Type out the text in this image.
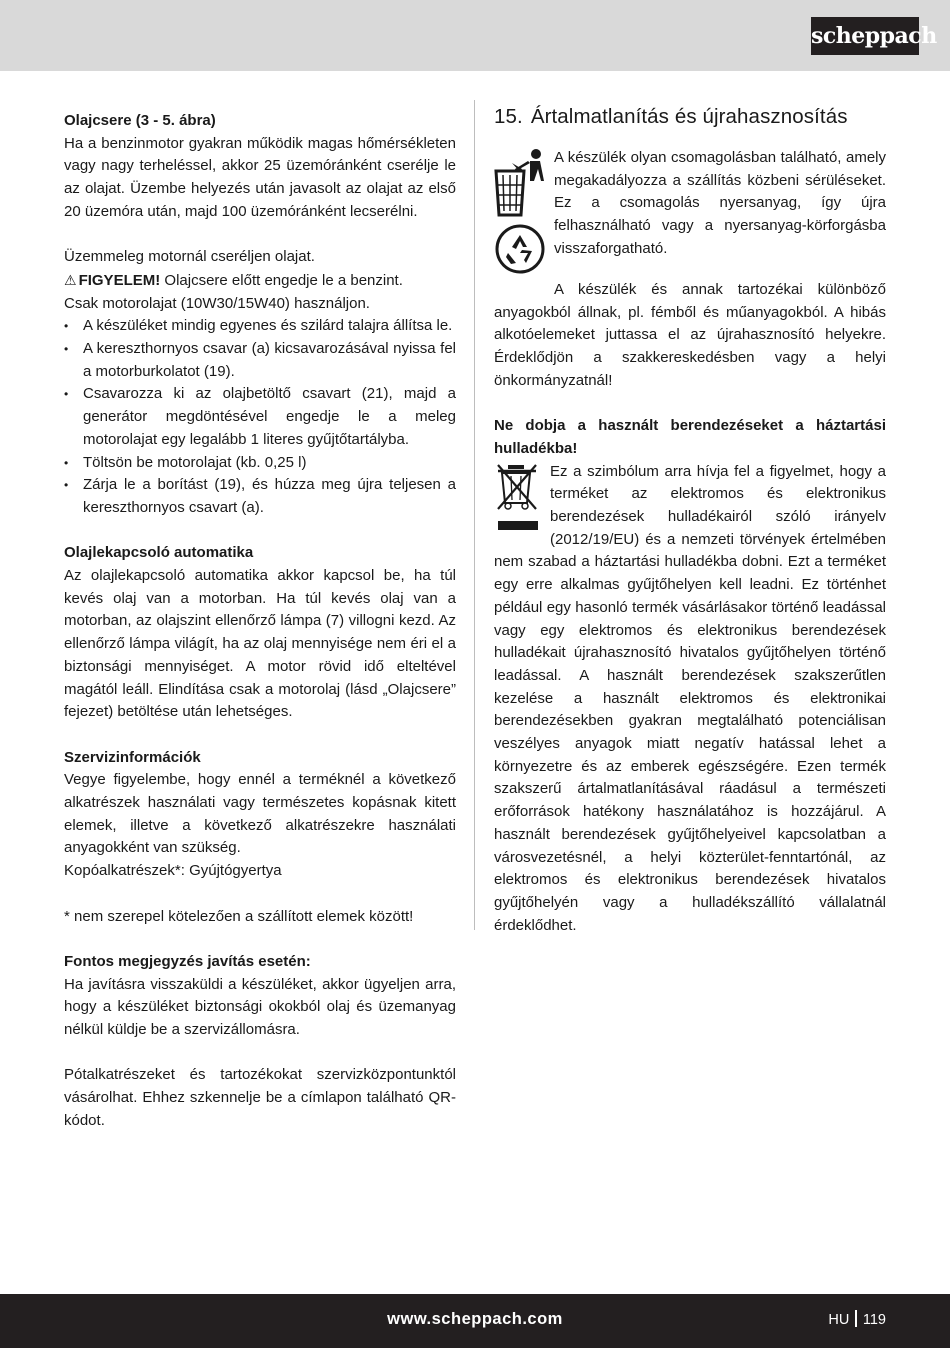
scheppach

Olajcsere (3 - 5. ábra)

Ha a benzinmotor gyakran működik magas hőmérsékleten vagy nagy terheléssel, akkor 25 üzemóránként cserélje le az olajat. Üzembe helyezés után javasolt az olajat az első 20 üzemóra után, majd 100 üzemóránként lecserélni.

Üzemmeleg motornál cseréljen olajat.

⚠ FIGYELEM! Olajcsere előtt engedje le a benzint.

Csak motorolajat (10W30/15W40) használjon.

• A készüléket mindig egyenes és szilárd talajra állítsa le.
• A kereszthornyos csavar (a) kicsavarozásával nyissa fel a motorburkolatot (19).
• Csavarozza ki az olajbetöltő csavart (21), majd a generátor megdöntésével engedje le a meleg motorolajat egy legalább 1 literes gyűjtőtartályba.
• Töltsön be motorolajat (kb. 0,25 l)
• Zárja le a borítást (19), és húzza meg újra teljesen a kereszthornyos csavart (a).

Olajlekapcsoló automatika

Az olajlekapcsoló automatika akkor kapcsol be, ha túl kevés olaj van a motorban. Ha túl kevés olaj van a motorban, az olajszint ellenőrző lámpa (7) villogni kezd. Az ellenőrző lámpa világít, ha az olaj mennyisége nem éri el a biztonsági mennyiséget. A motor rövid idő elteltével magától leáll. Elindítása csak a motorolaj (lásd „Olajcsere” fejezet) betöltése után lehetséges.

Szervizinformációk

Vegye figyelembe, hogy ennél a terméknél a következő alkatrészek használati vagy természetes kopásnak kitett elemek, illetve a következő alkatrészekre használati anyagokként van szükség.

Kopóalkatrészek*: Gyújtógyertya

* nem szerepel kötelezően a szállított elemek között!

Fontos megjegyzés javítás esetén:

Ha javításra visszaküldi a készüléket, akkor ügyeljen arra, hogy a készüléket biztonsági okokból olaj és üzemanyag nélkül küldje be a szervizállomásra.

Pótalkatrészeket és tartozékokat szervizközpontunktól vásárolhat. Ehhez szkennelje be a címlapon található QR-kódot.

15. Ártalmatlanítás és újrahasznosítás

A készülék olyan csomagolásban található, amely megakadályozza a szállítás közbeni sérüléseket. Ez a csomagolás nyersanyag, így újra felhasználható vagy a nyersanyag-körforgásba visszaforgatható.

A készülék és annak tartozékai különböző anyagokból állnak, pl. fémből és műanyagokból. A hibás alkotóelemeket juttassa el az újrahasznosító helyekre. Érdeklődjön a szakkereskedésben vagy a helyi önkormányzatnál!

Ne dobja a használt berendezéseket a háztartási hulladékba!

Ez a szimbólum arra hívja fel a figyelmet, hogy a terméket az elektromos és elektronikus berendezések hulladékairól szóló irányelv (2012/19/EU) és a nemzeti törvények értelmében nem szabad a háztartási hulladékba dobni. Ezt a terméket egy erre alkalmas gyűjtőhelyen kell leadni. Ez történhet például egy hasonló termék vásárlásakor történő leadással vagy egy elektromos és elektronikus berendezések hulladékait újrahasznosító hivatalos gyűjtőhelyen történő leadással. A használt berendezések szakszerűtlen kezelése a használt elektromos és elektronikai berendezésekben gyakran megtalálható potenciálisan veszélyes anyagok miatt negatív hatással lehet a környezetre és az emberek egészségére. Ezen termék szakszerű ártalmatlanításával ráadásul a természeti erőforrások hatékony használatához is hozzájárul. A használt berendezések gyűjtőhelyeivel kapcsolatban a városvezetésnél, a helyi közterület-fenntartónál, az elektromos és elektronikus berendezések hivatalos gyűjtőhelyén vagy a hulladékszállító vállalatnál érdeklődhet.

www.scheppach.com	HU 119
